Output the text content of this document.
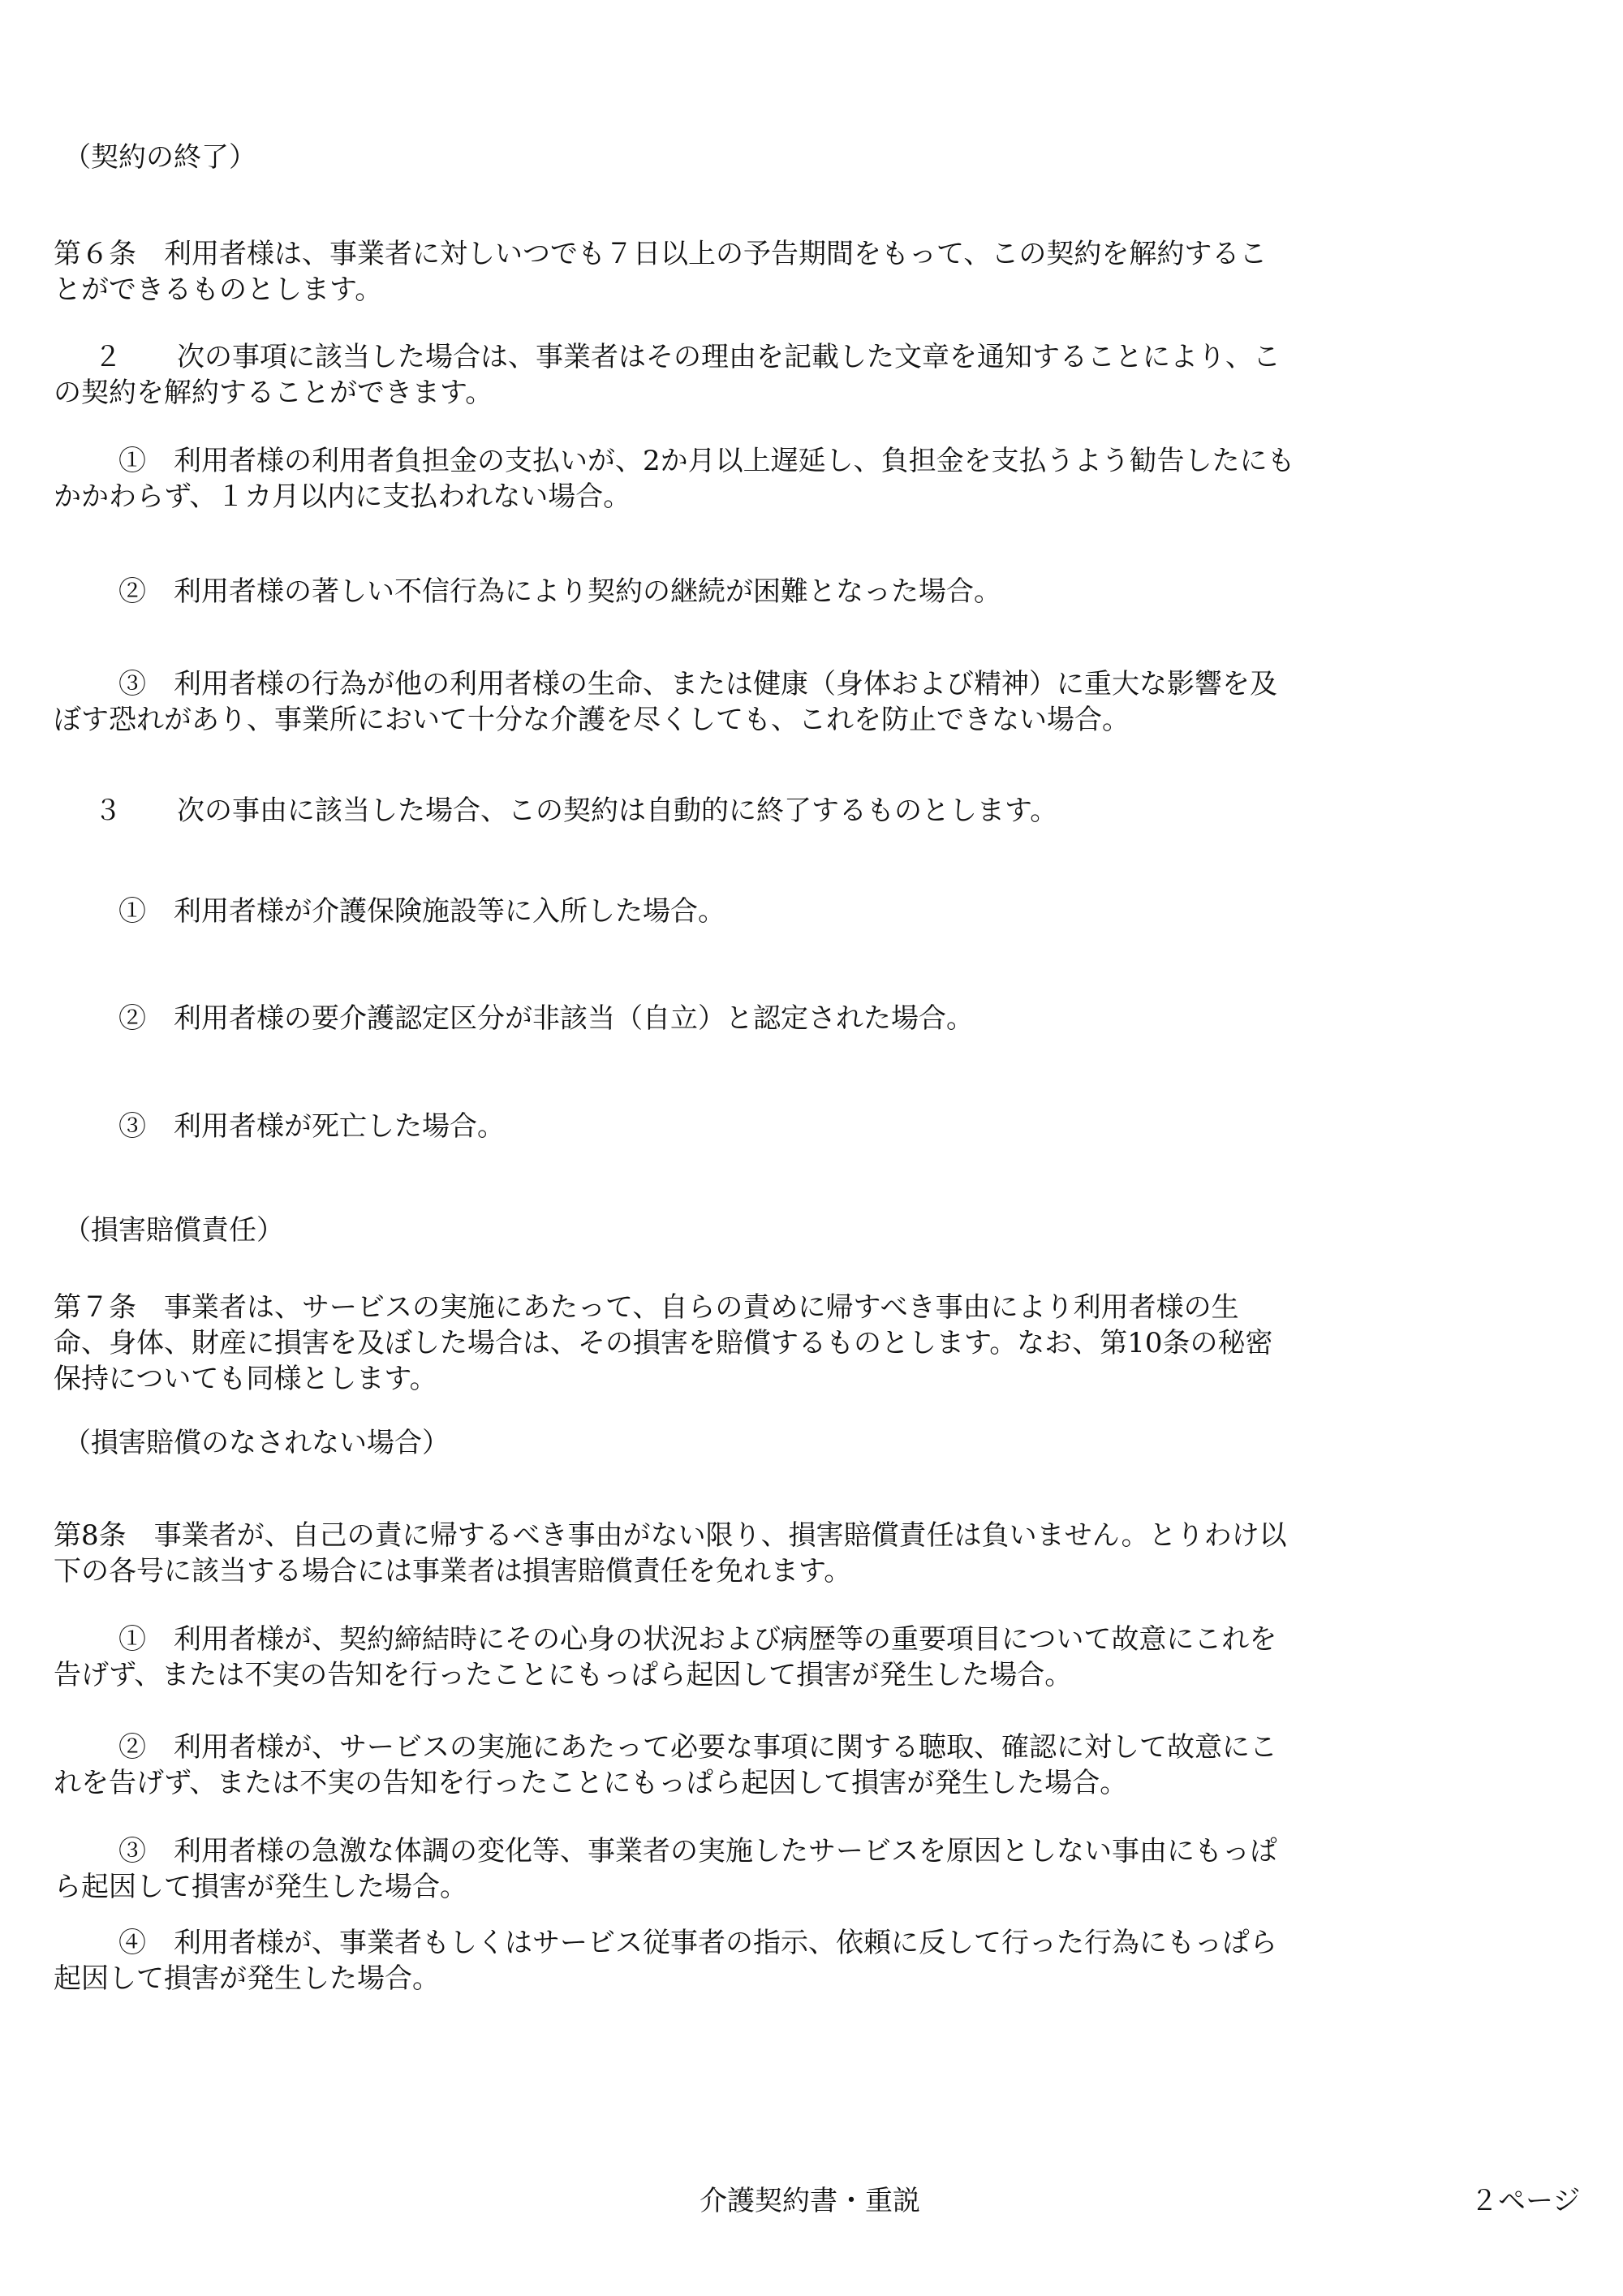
（契約の終了）

第６条　利用者様は、事業者に対しいつでも７日以上の予告期間をもって、この契約を解約するこ

とができるものとします。

２　　次の事項に該当した場合は、事業者はその理由を記載した文章を通知することにより、こ

の契約を解約することができます。

①　利用者様の利用者負担金の支払いが、2か月以上遅延し、負担金を支払うよう勧告したにも

かかわらず、１カ月以内に支払われない場合。

②　利用者様の著しい不信行為により契約の継続が困難となった場合。

③　利用者様の行為が他の利用者様の生命、または健康（身体および精神）に重大な影響を及

ぼす恐れがあり、事業所において十分な介護を尽くしても、これを防止できない場合。

３　　次の事由に該当した場合、この契約は自動的に終了するものとします。

①　利用者様が介護保険施設等に入所した場合。

②　利用者様の要介護認定区分が非該当（自立）と認定された場合。

③　利用者様が死亡した場合。

（損害賠償責任）

第７条　事業者は、サービスの実施にあたって、自らの責めに帰すべき事由により利用者様の生

命、身体、財産に損害を及ぼした場合は、その損害を賠償するものとします。なお、第10条の秘密

保持についても同様とします。

（損害賠償のなされない場合）

第8条　事業者が、自己の責に帰するべき事由がない限り、損害賠償責任は負いません。とりわけ以

下の各号に該当する場合には事業者は損害賠償責任を免れます。

①　利用者様が、契約締結時にその心身の状況および病歴等の重要項目について故意にこれを

告げず、または不実の告知を行ったことにもっぱら起因して損害が発生した場合。

②　利用者様が、サービスの実施にあたって必要な事項に関する聴取、確認に対して故意にこ

れを告げず、または不実の告知を行ったことにもっぱら起因して損害が発生した場合。

③　利用者様の急激な体調の変化等、事業者の実施したサービスを原因としない事由にもっぱ

ら起因して損害が発生した場合。

④　利用者様が、事業者もしくはサービス従事者の指示、依頼に反して行った行為にもっぱら

起因して損害が発生した場合。

介護契約書・重説	２ページ
